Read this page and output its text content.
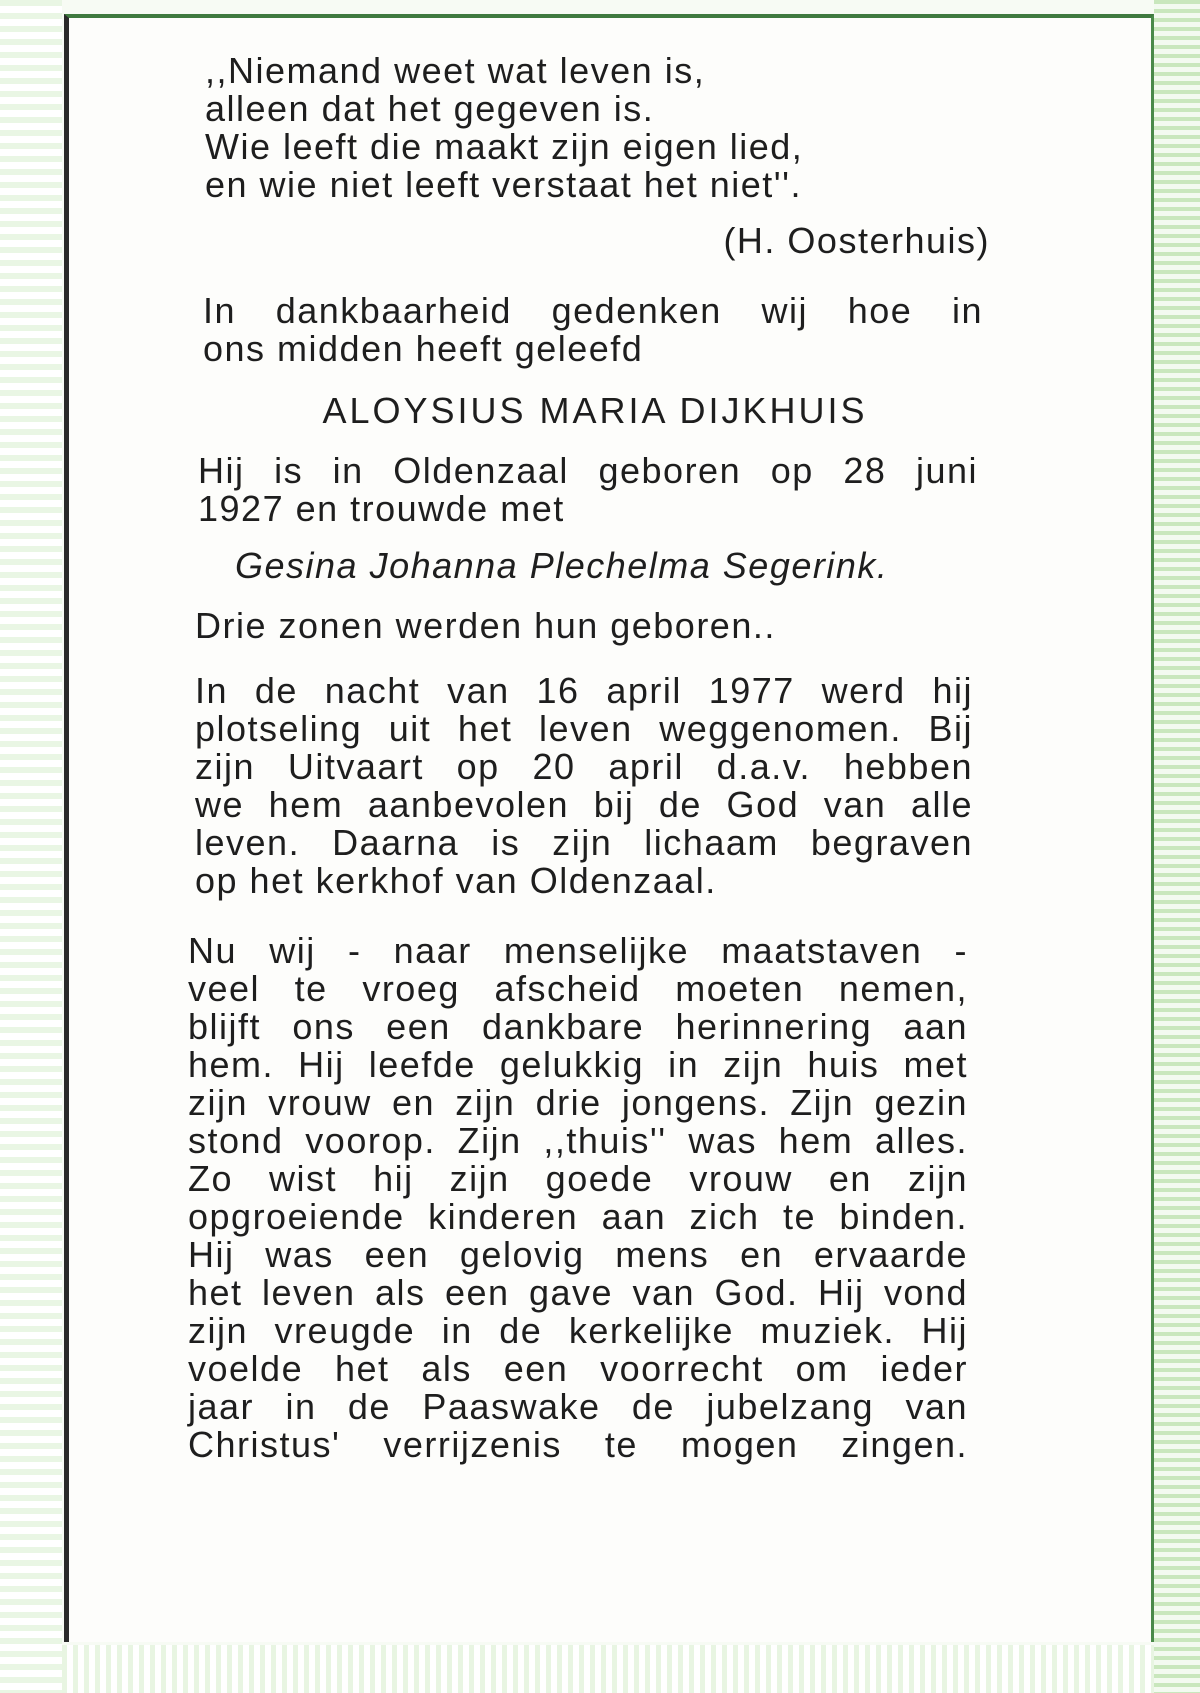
,,Niemand weet wat leven is,
alleen dat het gegeven is.
Wie leeft die maakt zijn eigen lied,
en wie niet leeft verstaat het niet''.
(H. Oosterhuis)
In dankbaarheid gedenken wij hoe in
ons midden heeft geleefd
ALOYSIUS MARIA DIJKHUIS
Hij is in Oldenzaal geboren op 28 juni
1927 en trouwde met
Gesina Johanna Plechelma Segerink.
Drie zonen werden hun geboren..
In de nacht van 16 april 1977 werd hij
plotseling uit het leven weggenomen. Bij
zijn Uitvaart op 20 april d.a.v. hebben
we hem aanbevolen bij de God van alle
leven. Daarna is zijn lichaam begraven
op het kerkhof van Oldenzaal.
Nu wij - naar menselijke maatstaven -
veel te vroeg afscheid moeten nemen,
blijft ons een dankbare herinnering aan
hem. Hij leefde gelukkig in zijn huis met
zijn vrouw en zijn drie jongens. Zijn gezin
stond voorop. Zijn ,,thuis'' was hem alles.
Zo wist hij zijn goede vrouw en zijn
opgroeiende kinderen aan zich te binden.
Hij was een gelovig mens en ervaarde
het leven als een gave van God. Hij vond
zijn vreugde in de kerkelijke muziek. Hij
voelde het als een voorrecht om ieder
jaar in de Paaswake de jubelzang van
Christus' verrijzenis te mogen zingen.
